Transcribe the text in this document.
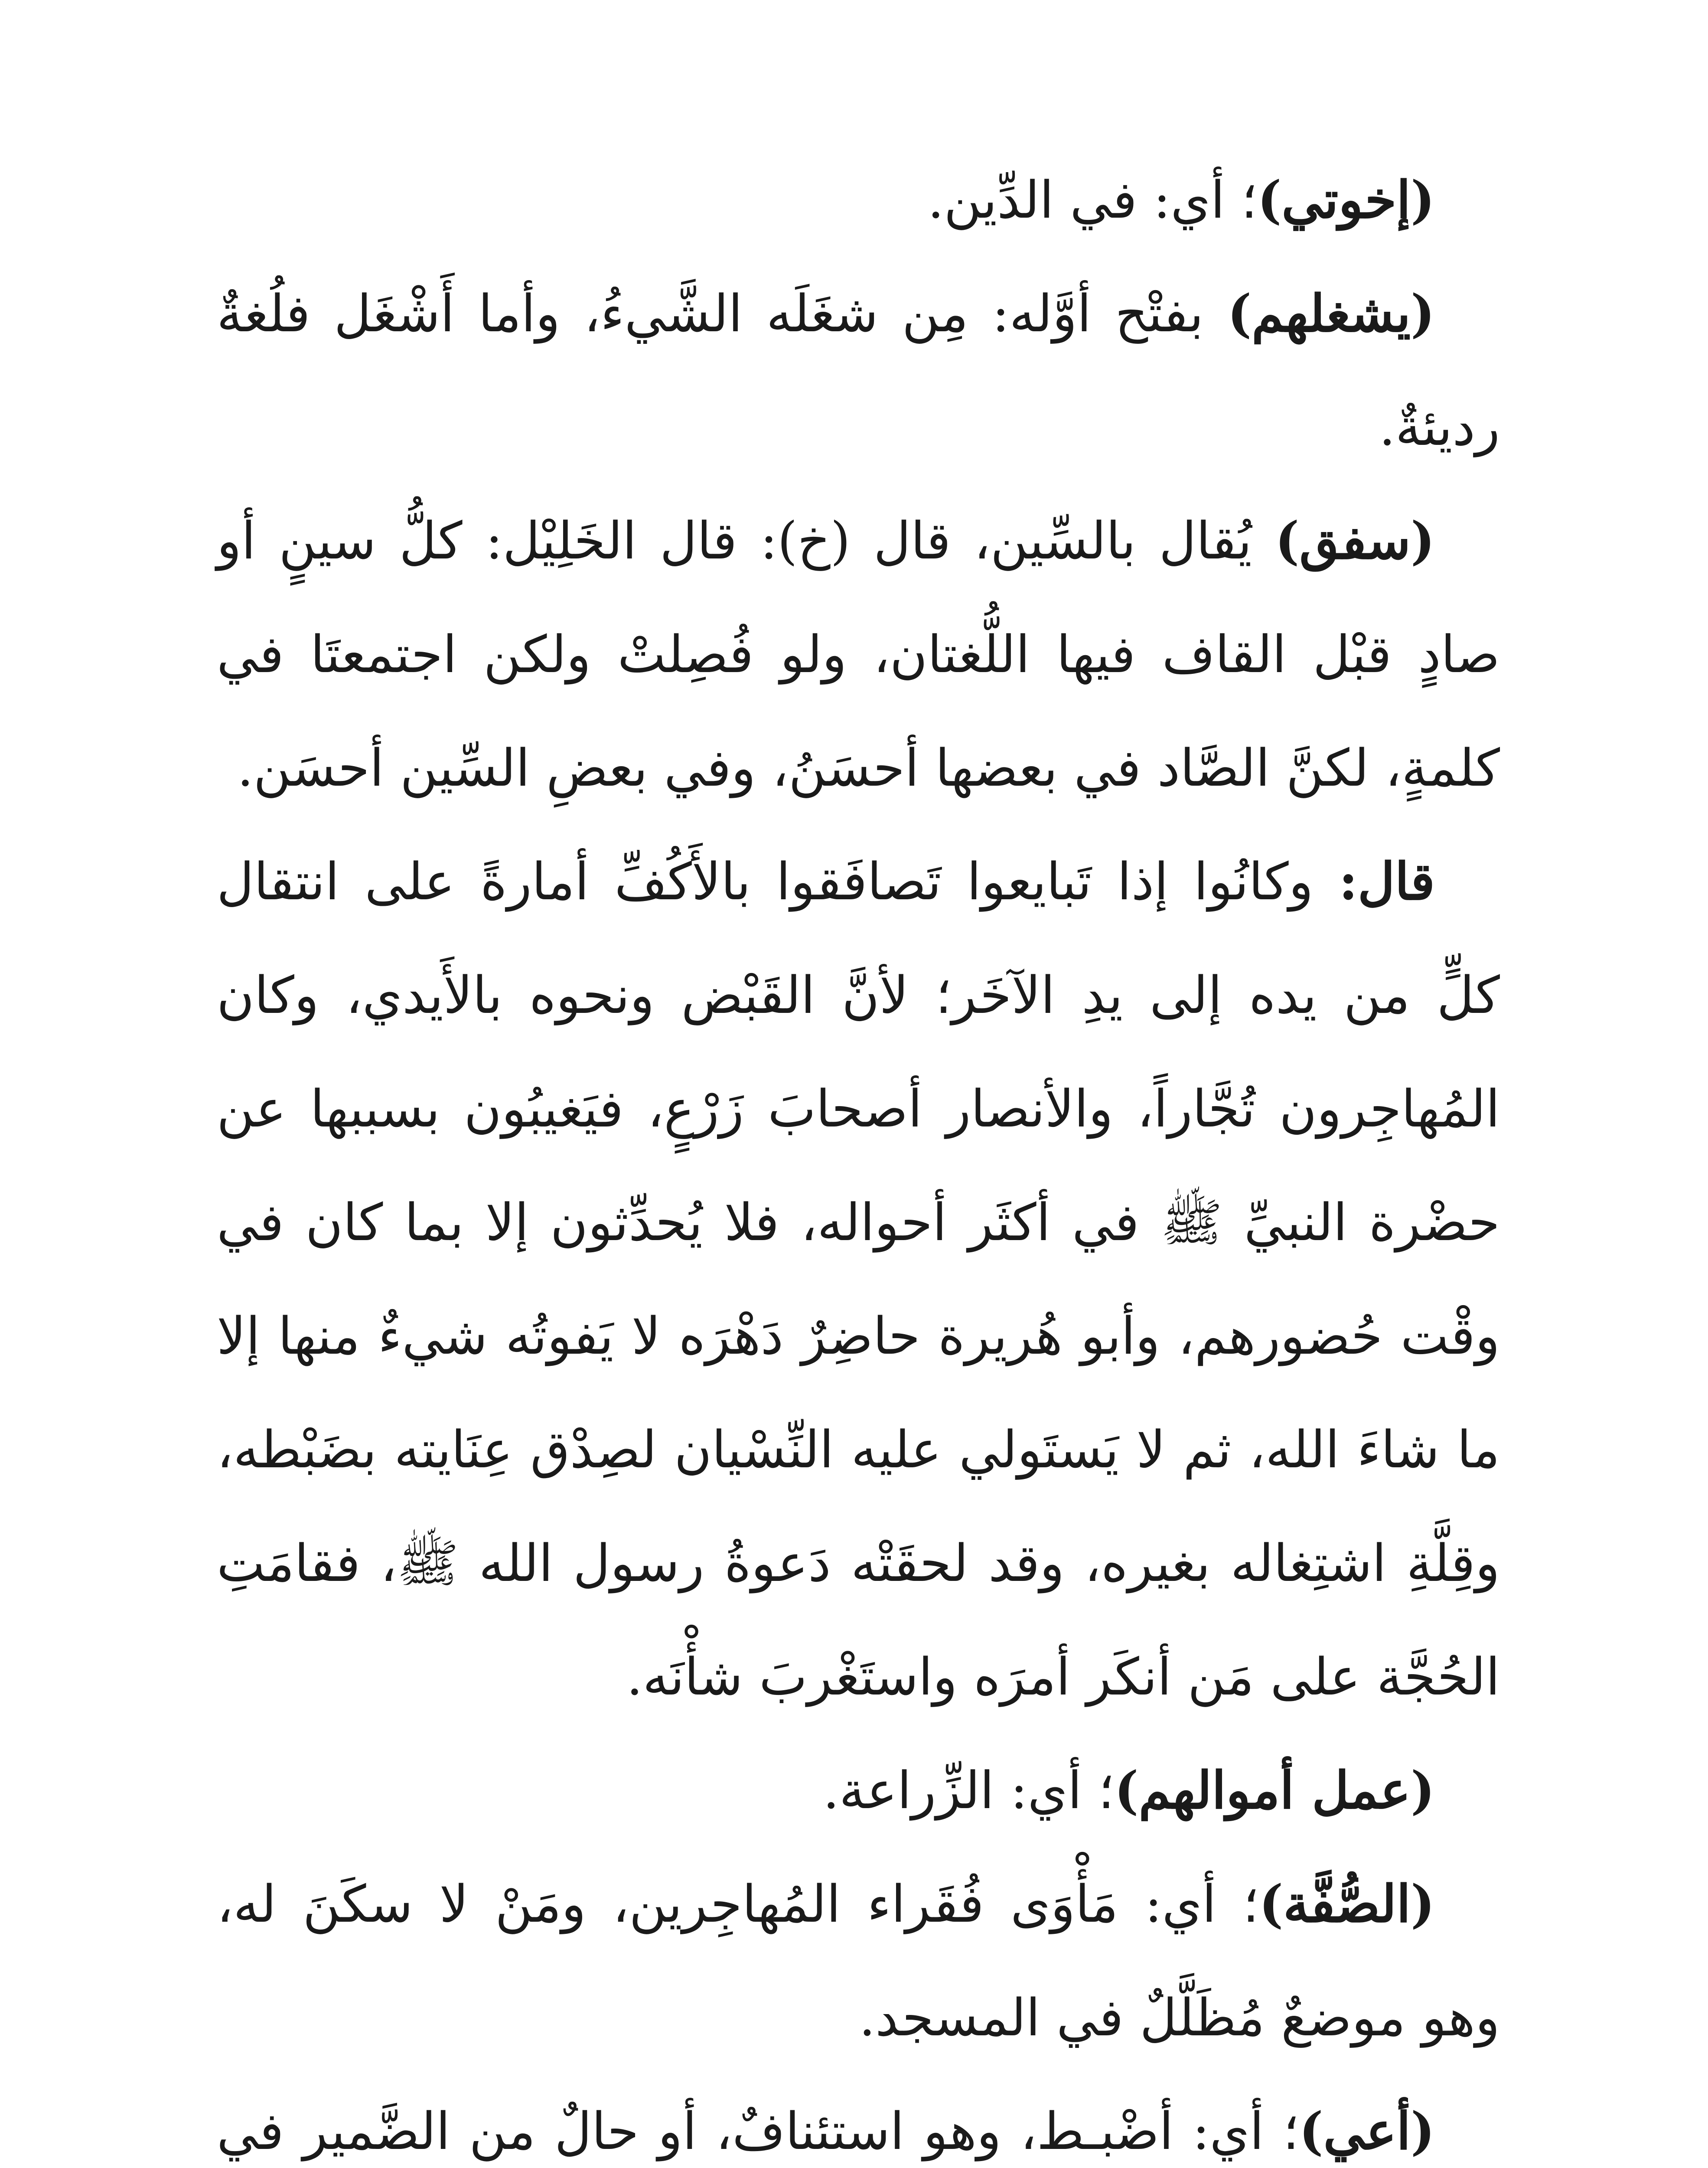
(إخوتي)؛ أي: في الدِّين.

(يشغلهم) بفتْح أوَّله: مِن شغَلَه الشَّيءُ، وأما أَشْغَل فلُغةٌ رديئةٌ.

(سفق) يُقال بالسِّين، قال (خ): قال الخَلِيْل: كلُّ سينٍ أو صادٍ قبْل القاف فيها اللُّغتان، ولو فُصِلتْ ولكن اجتمعتَا في كلمةٍ، لكنَّ الصَّاد في بعضها أحسَنُ، وفي بعضِ السِّين أحسَن.

قال: وكانُوا إذا تَبايعوا تَصافَقوا بالأَكُفِّ أمارةً على انتقال كلٍّ من يده إلى يدِ الآخَر؛ لأنَّ القَبْض ونحوه بالأَيدي، وكان المُهاجِرون تُجَّاراً، والأنصار أصحابَ زَرْعٍ، فيَغيبُون بسببها عن حضْرة النبيِّ ﷺ في أكثَر أحواله، فلا يُحدِّثون إلا بما كان في وقْت حُضورهم، وأبو هُريرة حاضِرٌ دَهْرَه لا يَفوتُه شيءٌ منها إلا ما شاءَ الله، ثم لا يَستَولي عليه النِّسْيان لصِدْق عِنَايته بضَبْطه، وقِلَّةِ اشتِغاله بغيره، وقد لحقَتْه دَعوةُ رسول الله ﷺ، فقامَتِ الحُجَّة على مَن أنكَر أمرَه واستَغْربَ شأْنَه.

(عمل أموالهم)؛ أي: الزِّراعة.

(الصُّفَّة)؛ أي: مَأْوَى فُقَراء المُهاجِرين، ومَنْ لا سكَنَ له، وهو موضعٌ مُظَلَّلٌ في المسجد.

(أعي)؛ أي: أضْبـط، وهو استئنافٌ، أو حالٌ من الضَّمير في
